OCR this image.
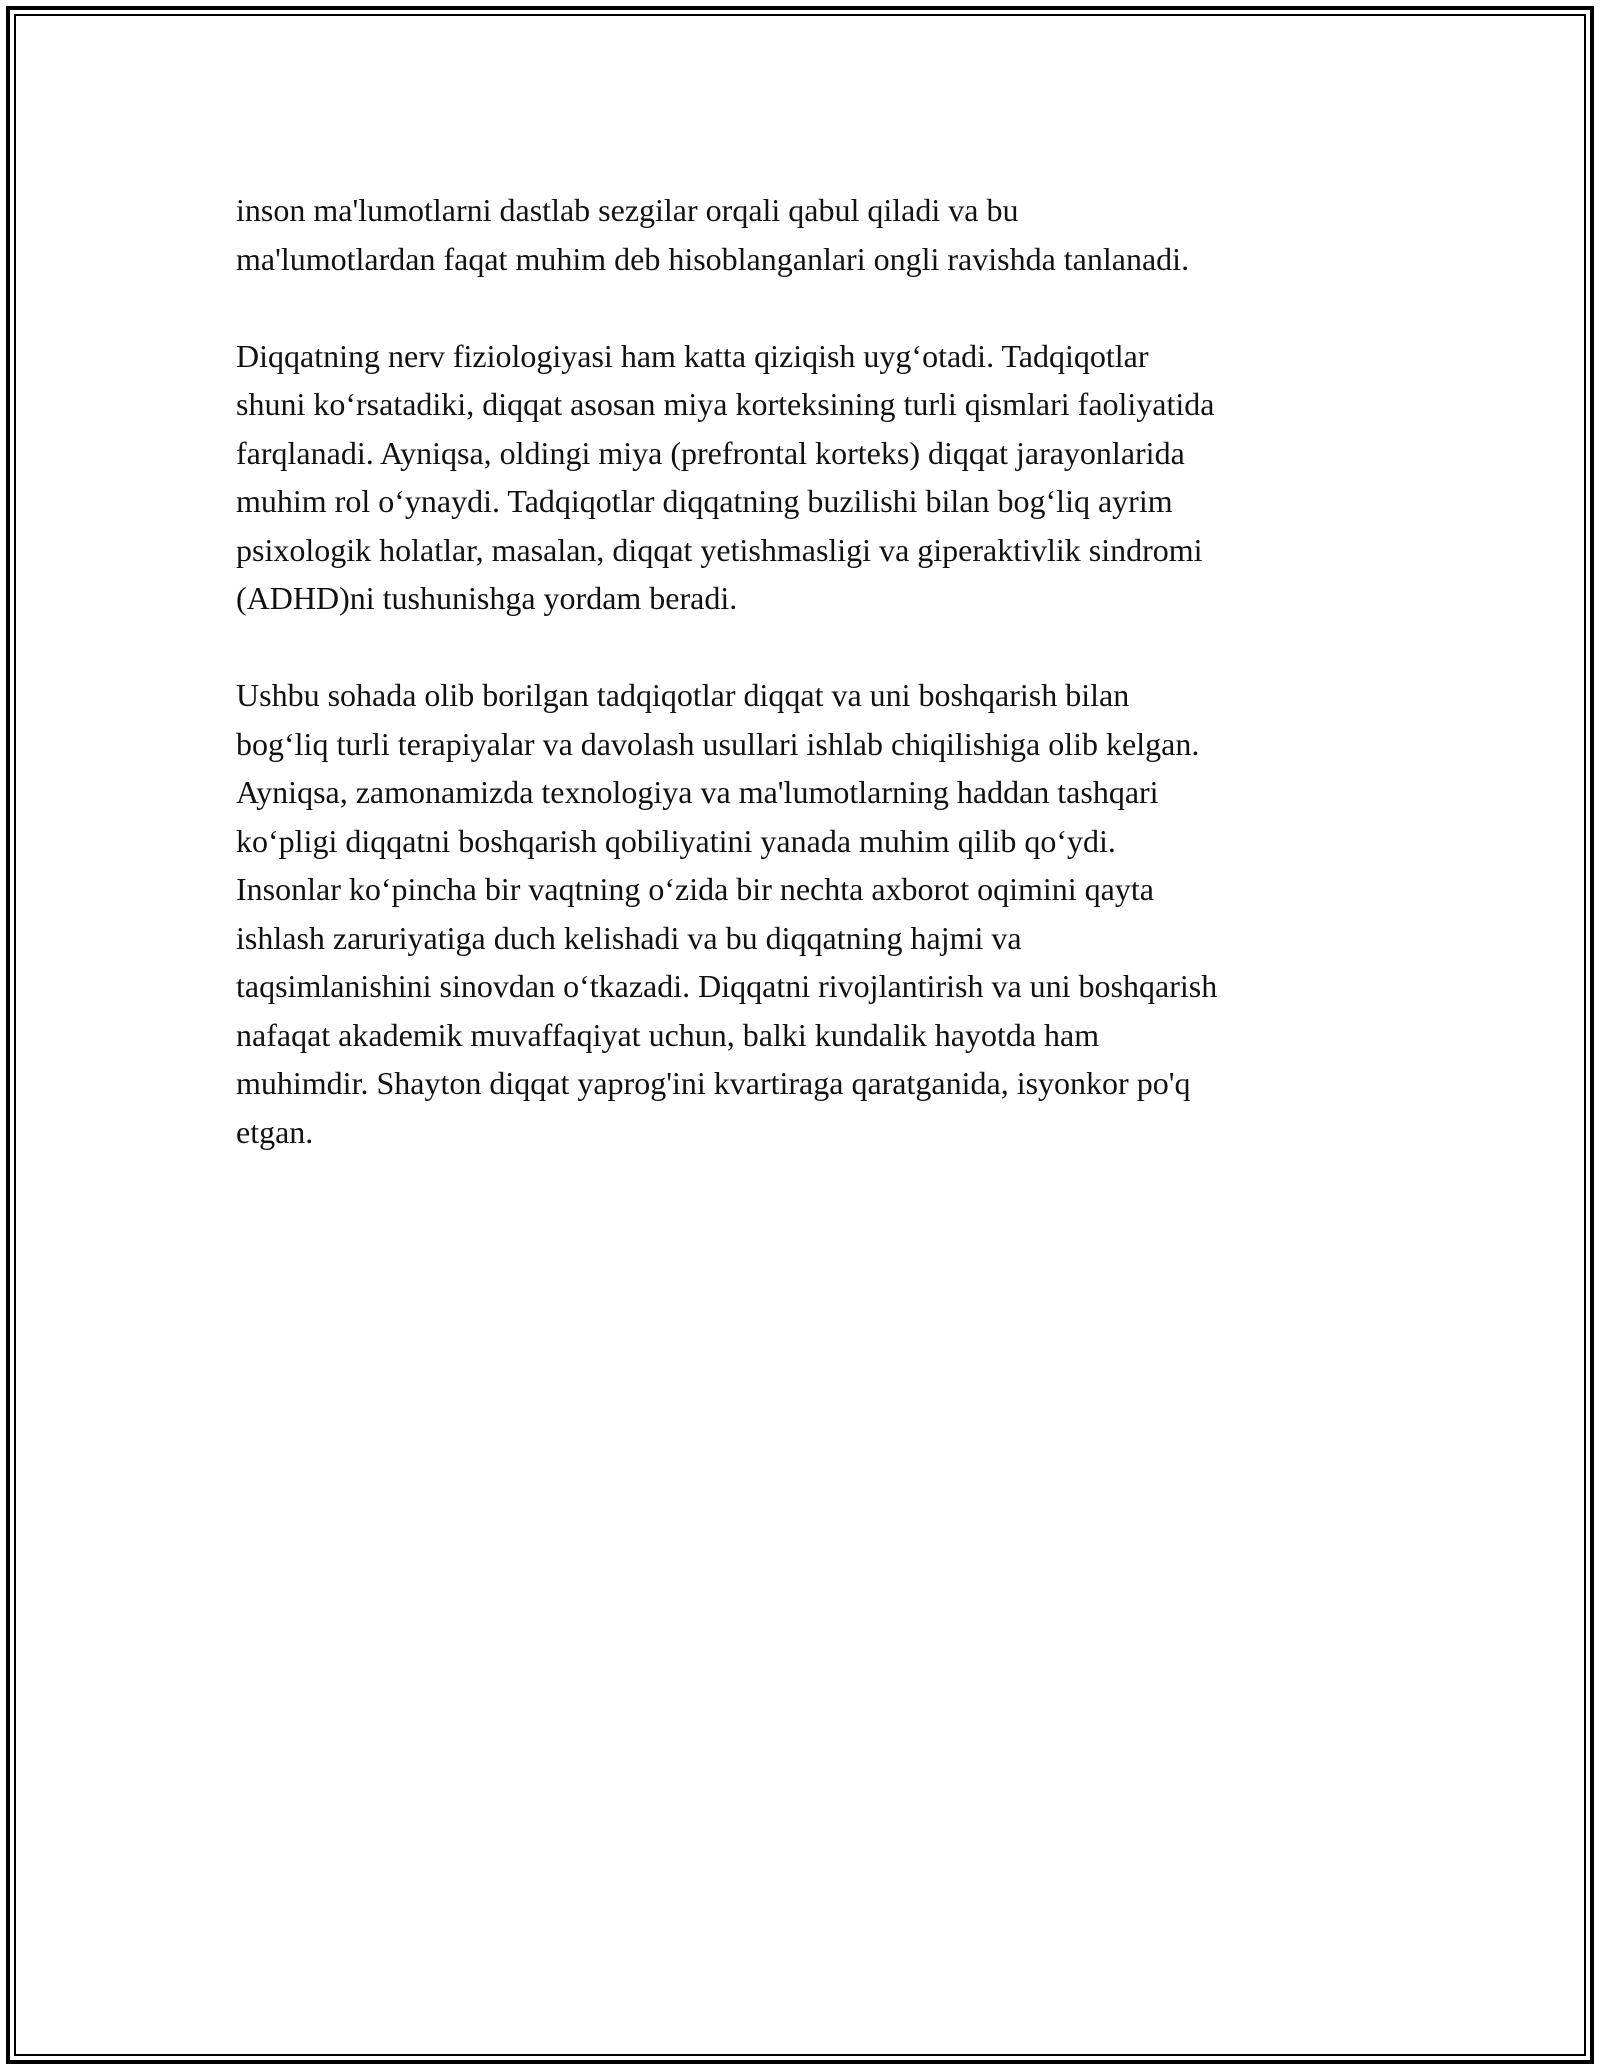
inson ma'lumotlarni dastlab sezgilar orqali qabul qiladi va bu
ma'lumotlardan faqat muhim deb hisoblanganlari ongli ravishda tanlanadi.

Diqqatning nerv fiziologiyasi ham katta qiziqish uyg‘otadi. Tadqiqotlar
shuni ko‘rsatadiki, diqqat asosan miya korteksining turli qismlari faoliyatida
farqlanadi. Ayniqsa, oldingi miya (prefrontal korteks) diqqat jarayonlarida
muhim rol o‘ynaydi. Tadqiqotlar diqqatning buzilishi bilan bog‘liq ayrim
psixologik holatlar, masalan, diqqat yetishmasligi va giperaktivlik sindromi
(ADHD)ni tushunishga yordam beradi.

Ushbu sohada olib borilgan tadqiqotlar diqqat va uni boshqarish bilan
bog‘liq turli terapiyalar va davolash usullari ishlab chiqilishiga olib kelgan.
Ayniqsa, zamonamizda texnologiya va ma'lumotlarning haddan tashqari
ko‘pligi diqqatni boshqarish qobiliyatini yanada muhim qilib qo‘ydi.
Insonlar ko‘pincha bir vaqtning o‘zida bir nechta axborot oqimini qayta
ishlash zaruriyatiga duch kelishadi va bu diqqatning hajmi va
taqsimlanishini sinovdan o‘tkazadi. Diqqatni rivojlantirish va uni boshqarish
nafaqat akademik muvaffaqiyat uchun, balki kundalik hayotda ham
muhimdir. Shayton diqqat yaprog'ini kvartiraga qaratganida, isyonkor po'q
etgan.
